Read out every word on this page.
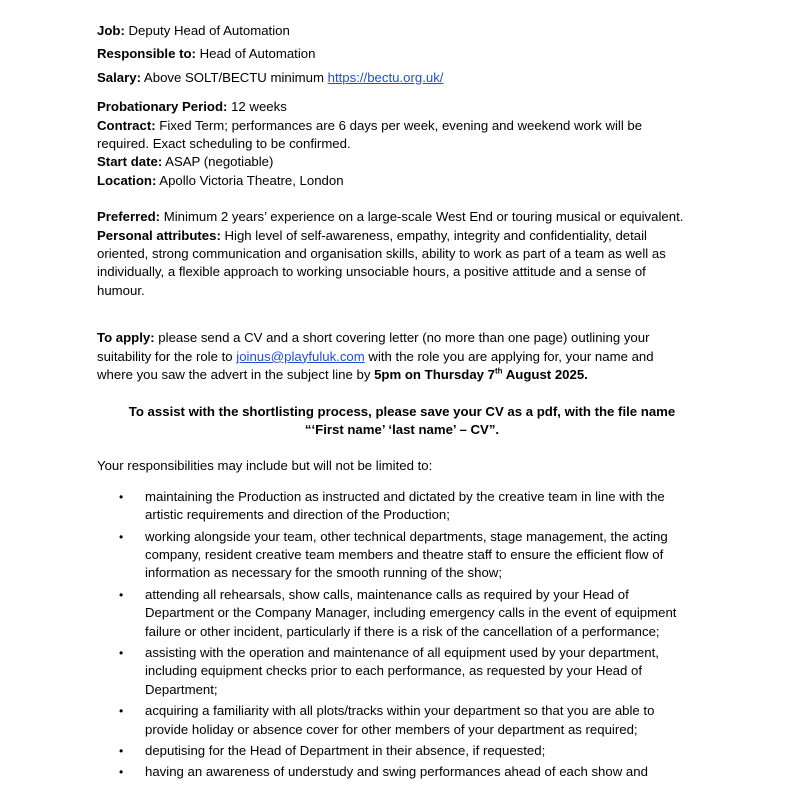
Job: Deputy Head of Automation
Responsible to: Head of Automation
Salary: Above SOLT/BECTU minimum https://bectu.org.uk/
Probationary Period: 12 weeks
Contract: Fixed Term; performances are 6 days per week, evening and weekend work will be
required. Exact scheduling to be confirmed.
Start date: ASAP (negotiable)
Location: Apollo Victoria Theatre, London
Preferred: Minimum 2 years’ experience on a large-scale West End or touring musical or equivalent.
Personal attributes: High level of self-awareness, empathy, integrity and confidentiality, detail
oriented, strong communication and organisation skills, ability to work as part of a team as well as
individually, a flexible approach to working unsociable hours, a positive attitude and a sense of
humour.
To apply: please send a CV and a short covering letter (no more than one page) outlining your
suitability for the role to joinus@playfuluk.com with the role you are applying for, your name and
where you saw the advert in the subject line by 5pm on Thursday 7th August 2025.
To assist with the shortlisting process, please save your CV as a pdf, with the file name
“‘First name’ ‘last name’ – CV”.
Your responsibilities may include but will not be limited to:
• maintaining the Production as instructed and dictated by the creative team in line with the
artistic requirements and direction of the Production;
• working alongside your team, other technical departments, stage management, the acting
company, resident creative team members and theatre staff to ensure the efficient flow of
information as necessary for the smooth running of the show;
• attending all rehearsals, show calls, maintenance calls as required by your Head of
Department or the Company Manager, including emergency calls in the event of equipment
failure or other incident, particularly if there is a risk of the cancellation of a performance;
• assisting with the operation and maintenance of all equipment used by your department,
including equipment checks prior to each performance, as requested by your Head of
Department;
• acquiring a familiarity with all plots/tracks within your department so that you are able to
provide holiday or absence cover for other members of your department as required;
• deputising for the Head of Department in their absence, if requested;
• having an awareness of understudy and swing performances ahead of each show and
